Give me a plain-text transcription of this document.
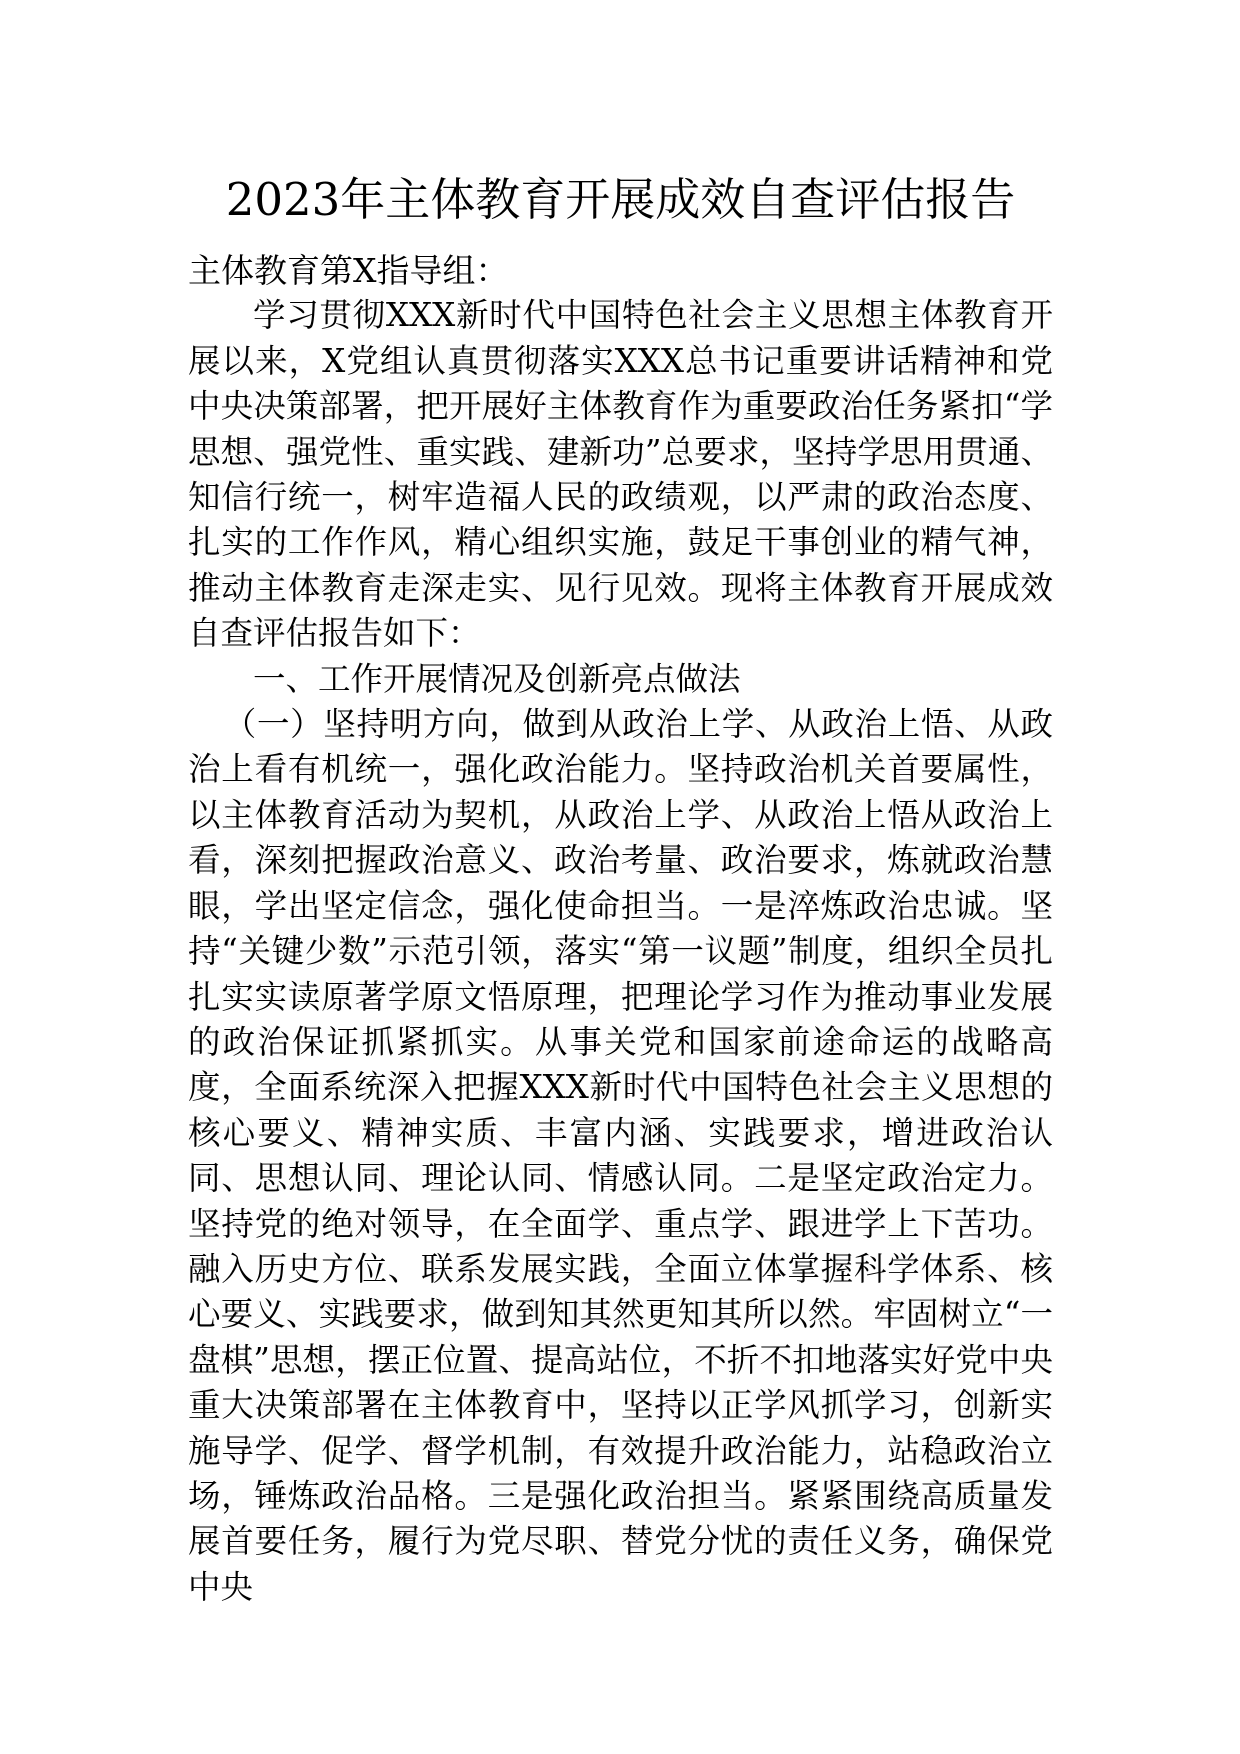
2023年主体教育开展成效自查评估报告

主体教育第X指导组：

学习贯彻XXX新时代中国特色社会主义思想主体教育开展以来，X党组认真贯彻落实XXX总书记重要讲话精神和党中央决策部署，把开展好主体教育作为重要政治任务紧扣“学思想、强党性、重实践、建新功”总要求，坚持学思用贯通、知信行统一，树牢造福人民的政绩观，以严肃的政治态度、扎实的工作作风，精心组织实施，鼓足干事创业的精气神，推动主体教育走深走实、见行见效。现将主体教育开展成效自查评估报告如下：

一、工作开展情况及创新亮点做法

（一）坚持明方向，做到从政治上学、从政治上悟、从政治上看有机统一，强化政治能力。坚持政治机关首要属性，以主体教育活动为契机，从政治上学、从政治上悟从政治上看，深刻把握政治意义、政治考量、政治要求，炼就政治慧眼，学出坚定信念，强化使命担当。一是淬炼政治忠诚。坚持“关键少数”示范引领，落实“第一议题”制度，组织全员扎扎实实读原著学原文悟原理，把理论学习作为推动事业发展的政治保证抓紧抓实。从事关党和国家前途命运的战略高度，全面系统深入把握XXX新时代中国特色社会主义思想的核心要义、精神实质、丰富内涵、实践要求，增进政治认同、思想认同、理论认同、情感认同。二是坚定政治定力。坚持党的绝对领导，在全面学、重点学、跟进学上下苦功。融入历史方位、联系发展实践，全面立体掌握科学体系、核心要义、实践要求，做到知其然更知其所以然。牢固树立“一盘棋”思想，摆正位置、提高站位，不折不扣地落实好党中央重大决策部署在主体教育中，坚持以正学风抓学习，创新实施导学、促学、督学机制，有效提升政治能力，站稳政治立场，锤炼政治品格。三是强化政治担当。紧紧围绕高质量发展首要任务，履行为党尽职、替党分忧的责任义务，确保党中央
